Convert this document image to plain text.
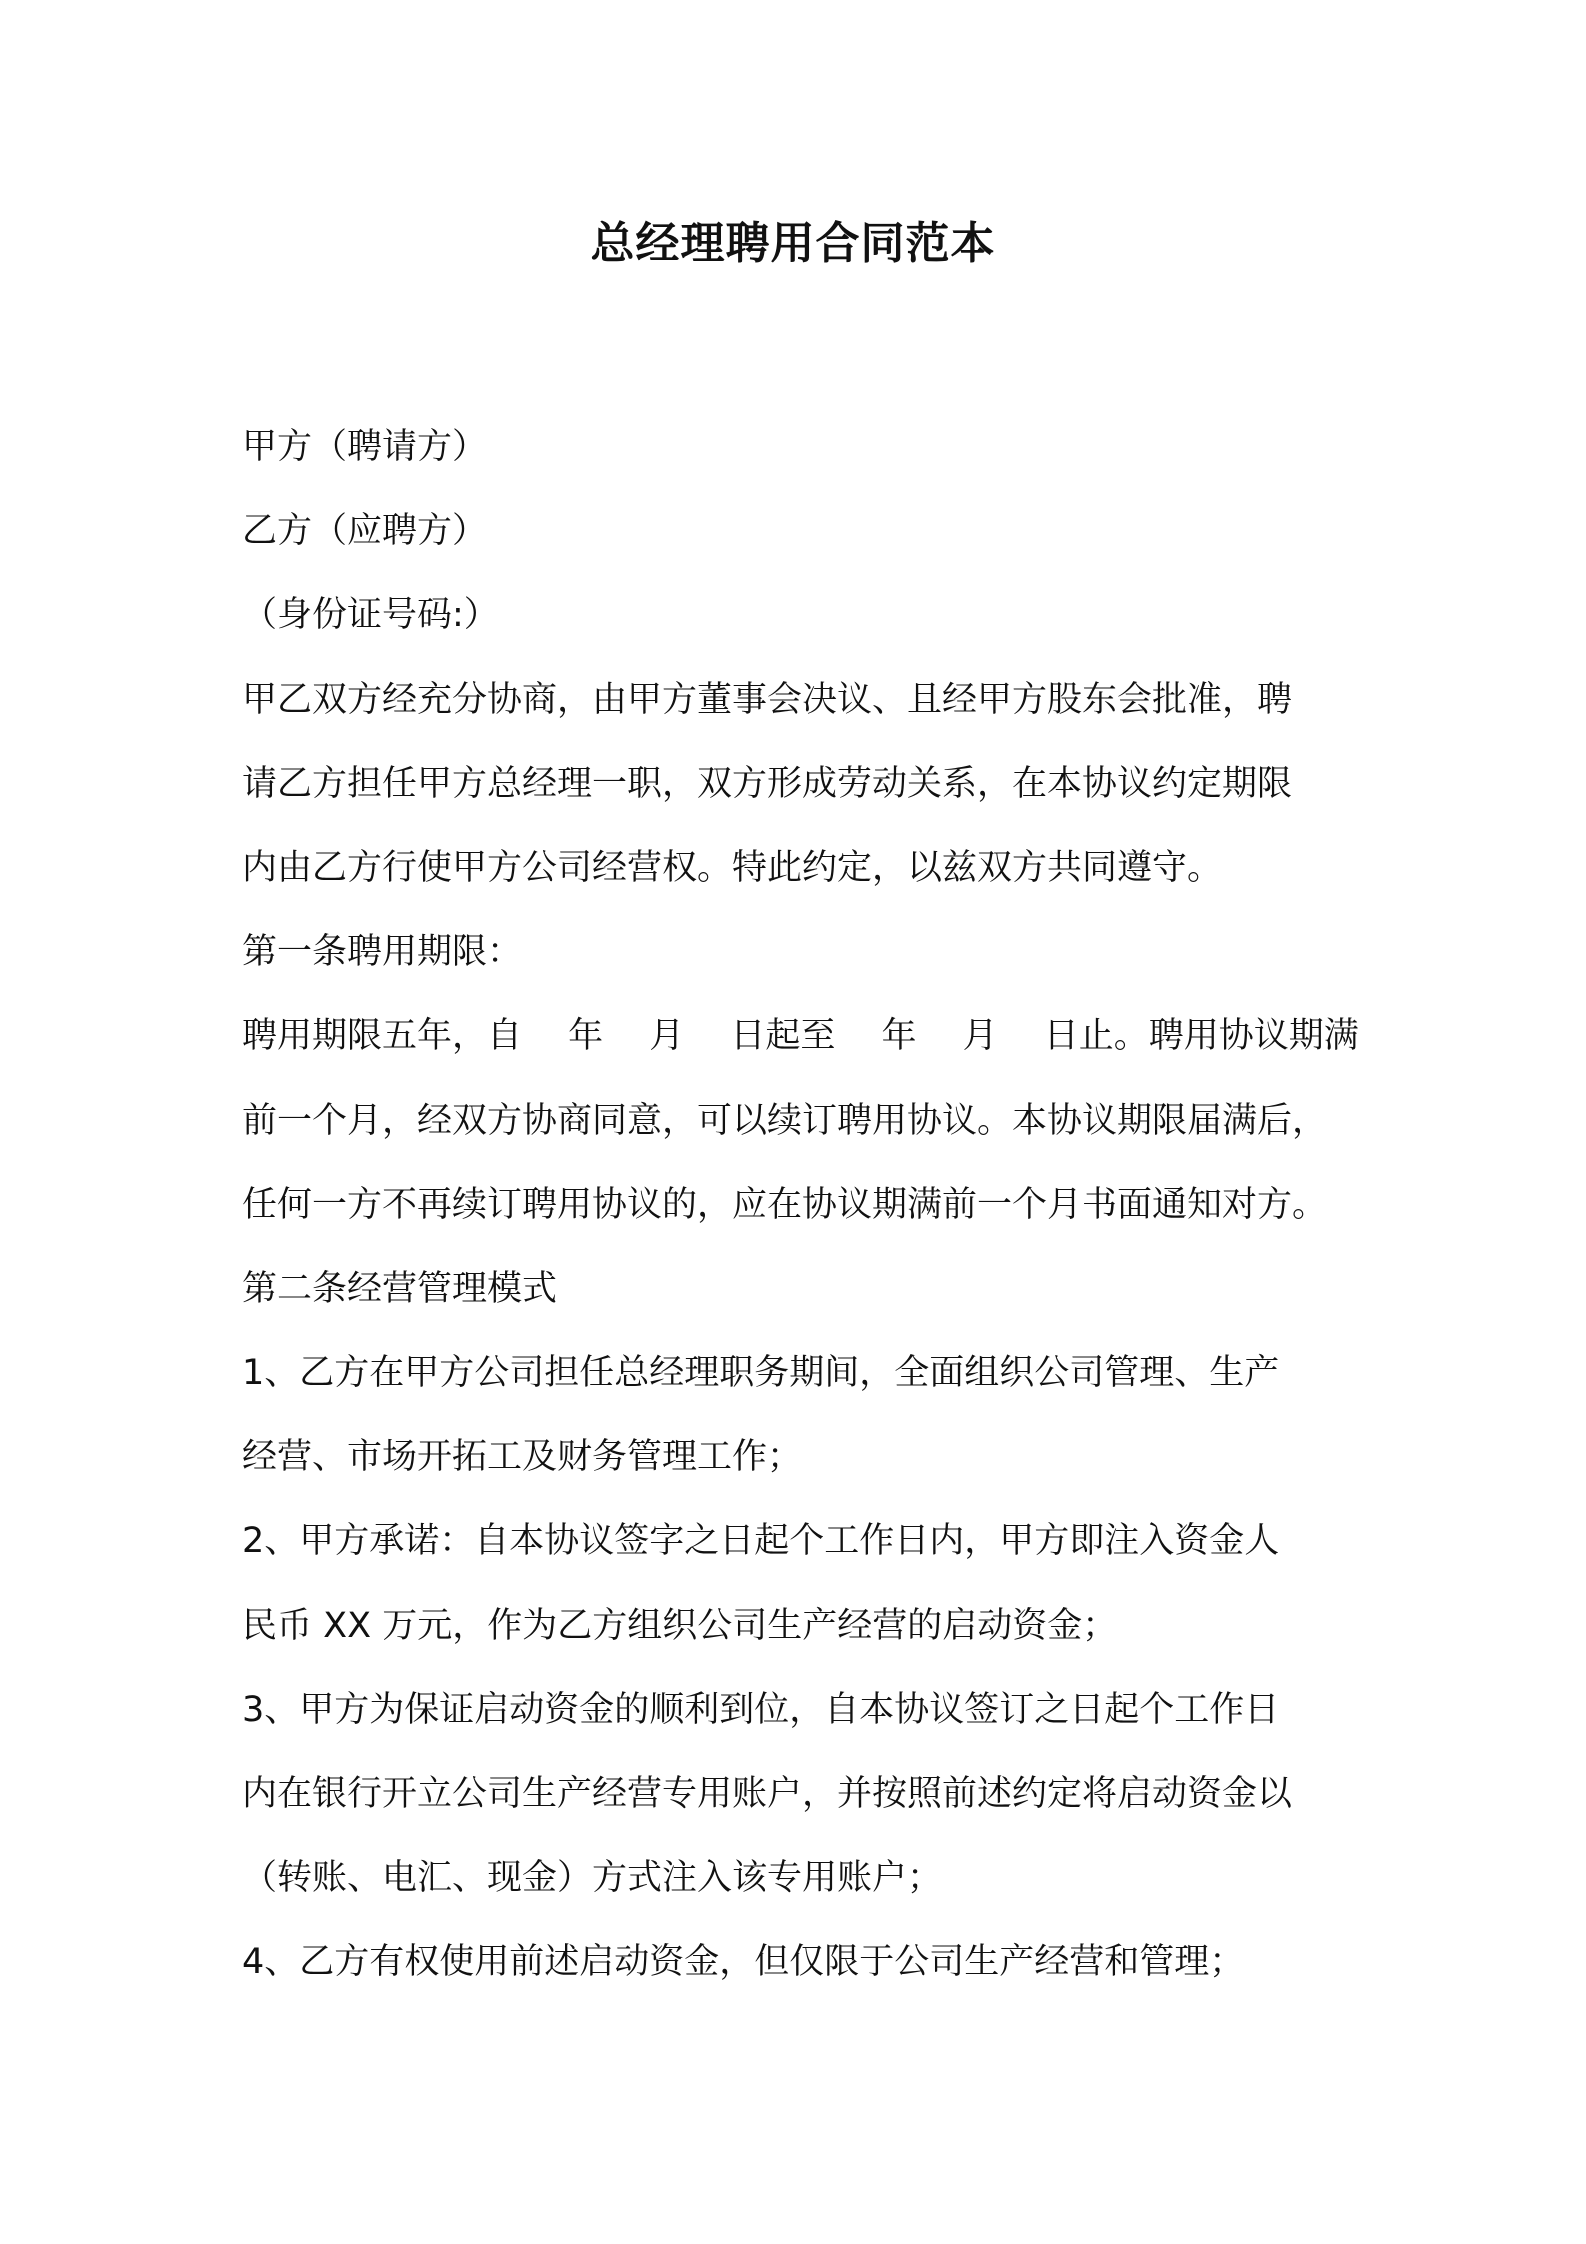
总经理聘用合同范本
甲方（聘请方）
乙方（应聘方）
（身份证号码:）
甲乙双方经充分协商，由甲方董事会决议、且经甲方股东会批准，聘
请乙方担任甲方总经理一职，双方形成劳动关系，在本协议约定期限
内由乙方行使甲方公司经营权。特此约定，以兹双方共同遵守。
第一条聘用期限：
聘用期限五年，自　 年　 月　 日起至　 年　 月　 日止。聘用协议期满
前一个月，经双方协商同意，可以续订聘用协议。本协议期限届满后，
任何一方不再续订聘用协议的，应在协议期满前一个月书面通知对方。
第二条经营管理模式
1、乙方在甲方公司担任总经理职务期间，全面组织公司管理、生产
经营、市场开拓工及财务管理工作；
2、甲方承诺：自本协议签字之日起个工作日内，甲方即注入资金人
民币 XX 万元，作为乙方组织公司生产经营的启动资金；
3、甲方为保证启动资金的顺利到位，自本协议签订之日起个工作日
内在银行开立公司生产经营专用账户，并按照前述约定将启动资金以
（转账、电汇、现金）方式注入该专用账户；
4、乙方有权使用前述启动资金，但仅限于公司生产经营和管理；
